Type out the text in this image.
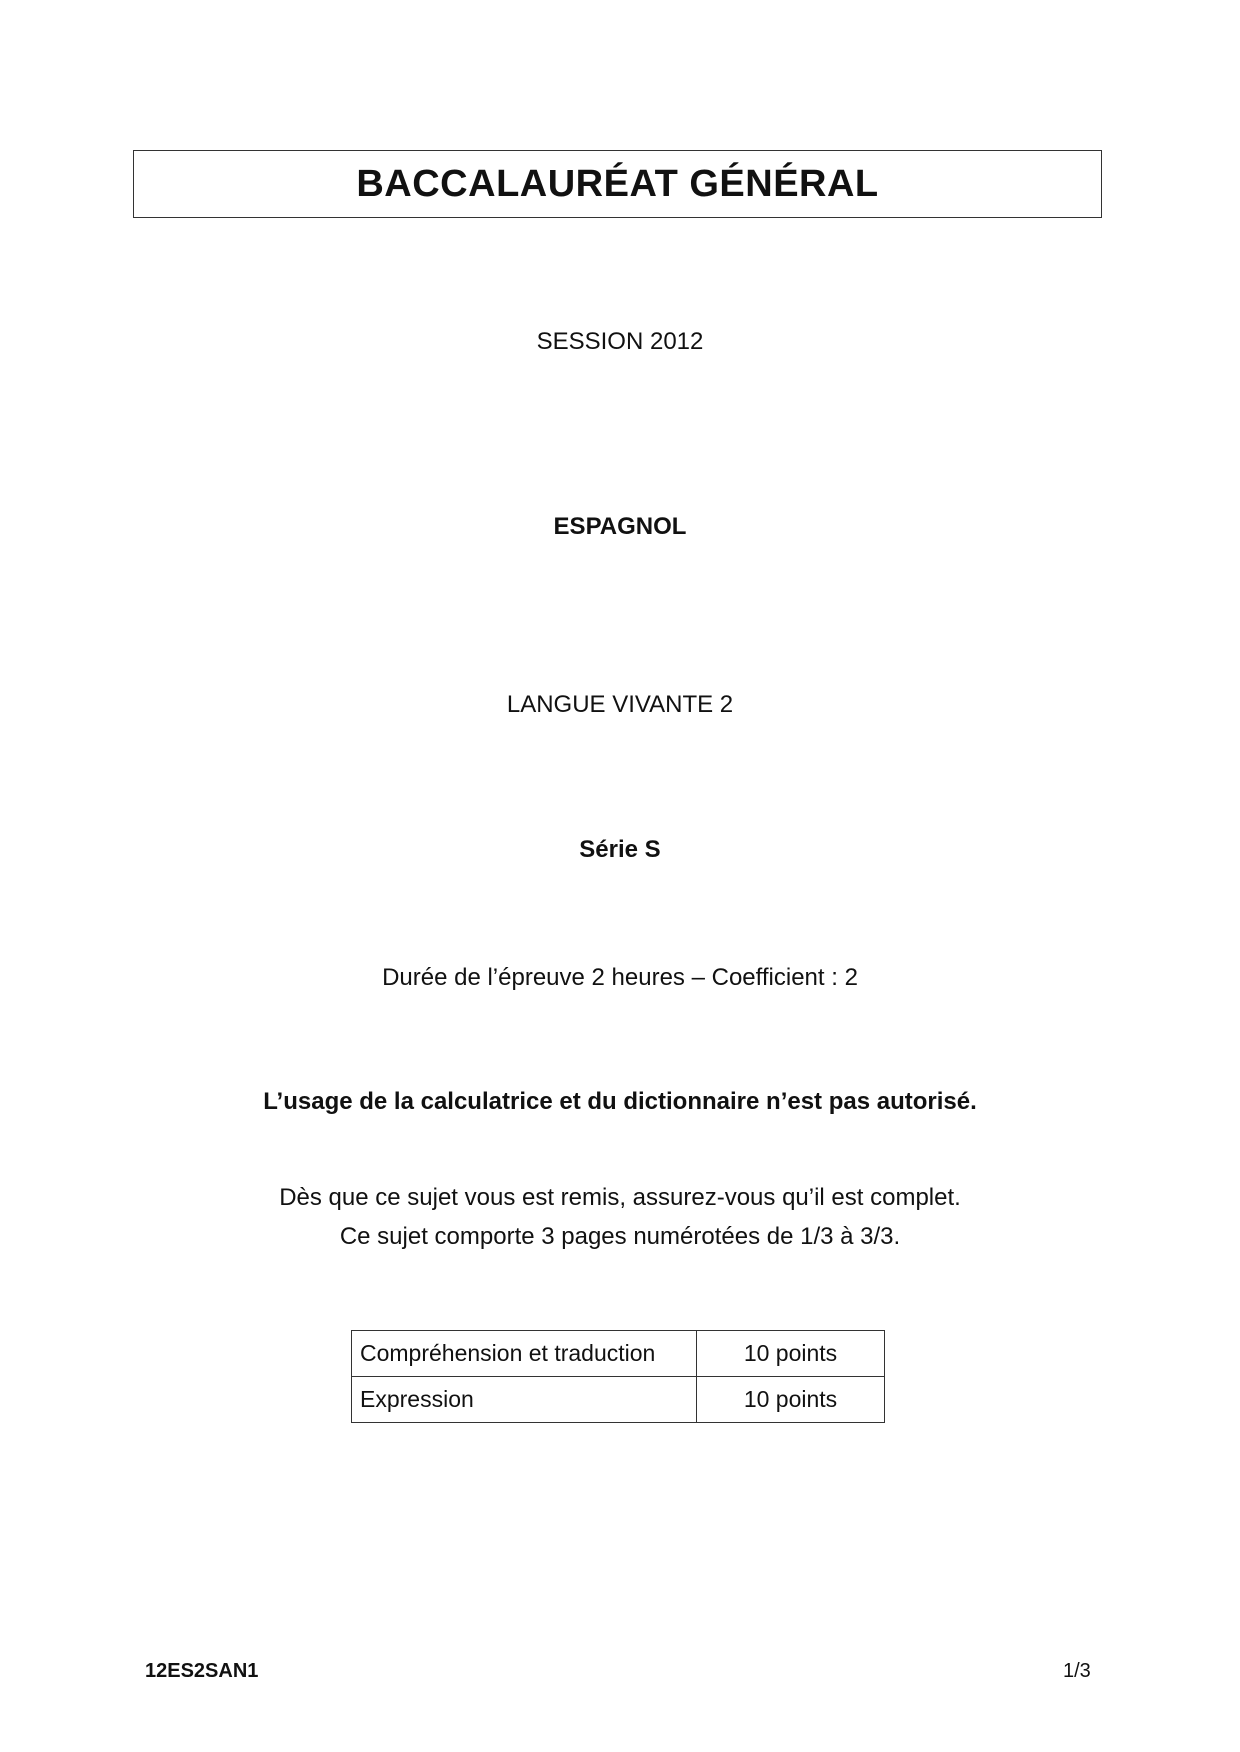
BACCALAURÉAT GÉNÉRAL
SESSION 2012
ESPAGNOL
LANGUE VIVANTE 2
Série S
Durée de l’épreuve 2 heures – Coefficient : 2
L’usage de la calculatrice et du dictionnaire n’est pas autorisé.
Dès que ce sujet vous est remis, assurez-vous qu’il est complet.
Ce sujet comporte 3 pages numérotées de 1/3 à 3/3.
Compréhension et traduction	10 points
Expression	10 points
12ES2SAN1	1/3
